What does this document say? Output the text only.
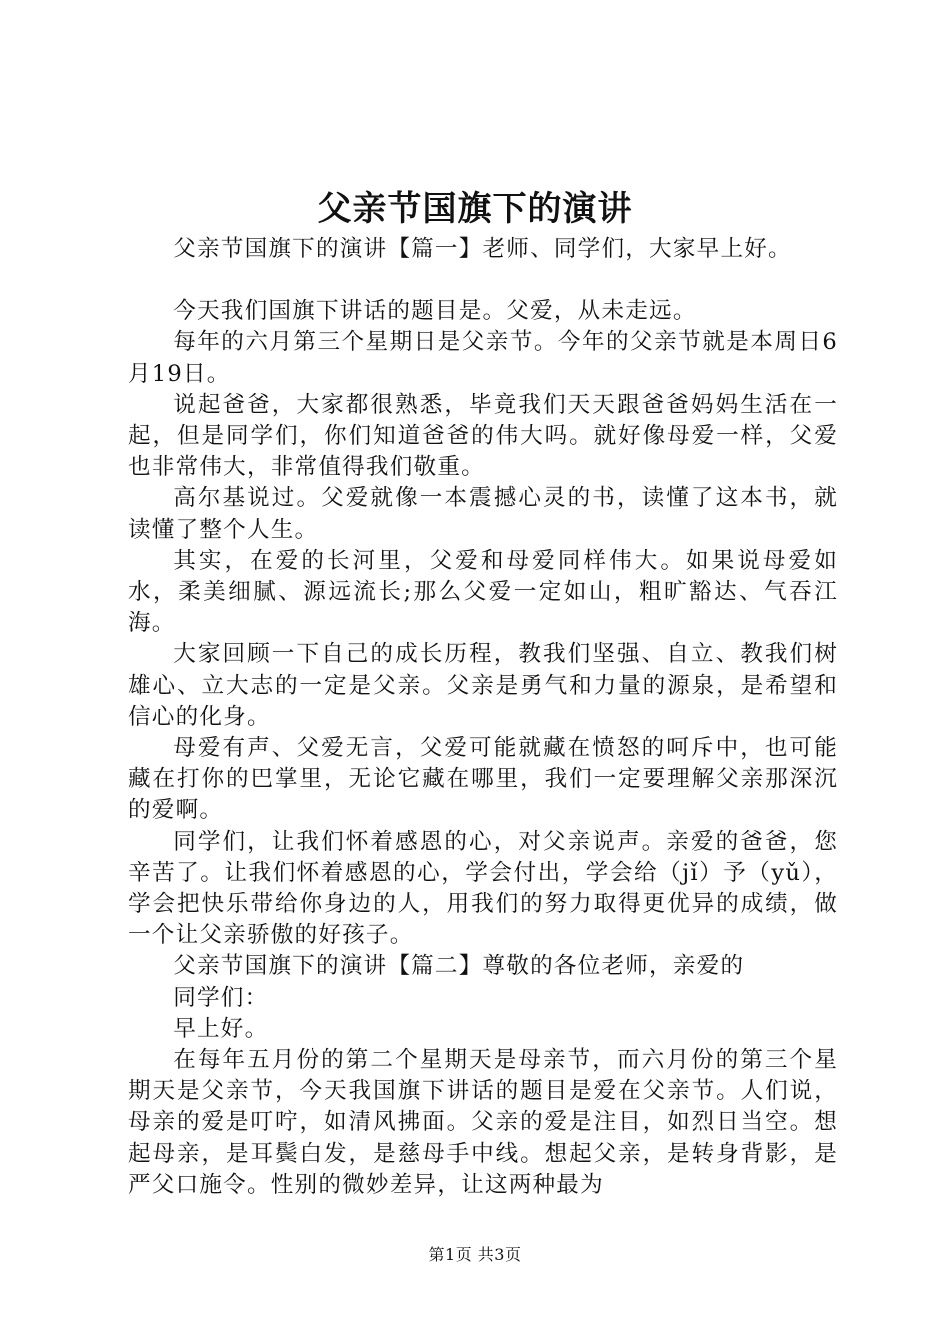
父亲节国旗下的演讲

父亲节国旗下的演讲【篇一】老师、同学们，大家早上好。

今天我们国旗下讲话的题目是。父爱，从未走远。

每年的六月第三个星期日是父亲节。今年的父亲节就是本周日6月19日。

说起爸爸，大家都很熟悉，毕竟我们天天跟爸爸妈妈生活在一起，但是同学们，你们知道爸爸的伟大吗。就好像母爱一样，父爱也非常伟大，非常值得我们敬重。

高尔基说过。父爱就像一本震撼心灵的书，读懂了这本书，就读懂了整个人生。

其实，在爱的长河里，父爱和母爱同样伟大。如果说母爱如水，柔美细腻、源远流长;那么父爱一定如山，粗旷豁达、气吞江海。

大家回顾一下自己的成长历程，教我们坚强、自立、教我们树雄心、立大志的一定是父亲。父亲是勇气和力量的源泉，是希望和信心的化身。

母爱有声、父爱无言，父爱可能就藏在愤怒的呵斥中，也可能藏在打你的巴掌里，无论它藏在哪里，我们一定要理解父亲那深沉的爱啊。

同学们，让我们怀着感恩的心，对父亲说声。亲爱的爸爸，您辛苦了。让我们怀着感恩的心，学会付出，学会给（jǐ）予（yǔ），学会把快乐带给你身边的人，用我们的努力取得更优异的成绩，做一个让父亲骄傲的好孩子。

父亲节国旗下的演讲【篇二】尊敬的各位老师，亲爱的

同学们：

早上好。

在每年五月份的第二个星期天是母亲节，而六月份的第三个星期天是父亲节，今天我国旗下讲话的题目是爱在父亲节。人们说，母亲的爱是叮咛，如清风拂面。父亲的爱是注目，如烈日当空。想起母亲，是耳鬓白发，是慈母手中线。想起父亲，是转身背影，是严父口施令。性别的微妙差异，让这两种最为

第1页 共3页
